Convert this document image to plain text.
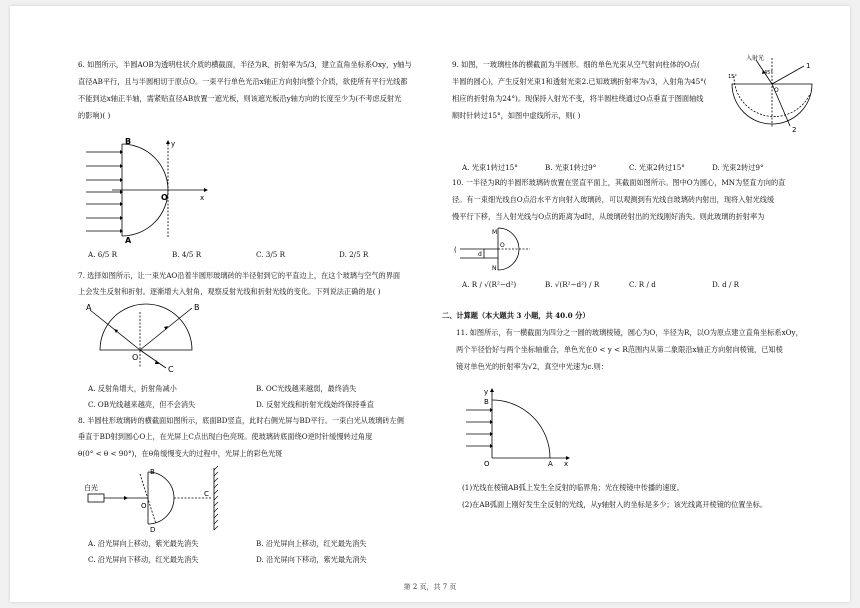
6. 如图所示，半圆AOB为透明柱状介质的横截面，半径为R，折射率为5/3，建立直角坐标系Oxy，y轴与
直径AB平行，且与半圆相切于原点O。一束平行单色光沿x轴正方向射向整个介质，欲使所有平行光线都
不能到达x轴正半轴，需紧贴直径AB放置一遮光板，则该遮光板沿y轴方向的长度至少为(不考虑反射光
的影响)( )
B
A
O
y
x
A. 6/5 R	B. 4/5 R	C. 3/5 R	D. 2/5 R
7. 选择如图所示，让一束光AO沿着半圆形玻璃砖的半径射到它的平直边上，在这个玻璃与空气的界面
上会发生反射和折射。逐渐增大入射角，观察反射光线和折射光线的变化。下列说法正确的是( )
A	B
C
O
A. 反射角增大，折射角减小	B. OC光线越来越弱，最终消失
C. OB光线越来越亮，但不会消失	D. 反射光线和折射光线始终保持垂直
8. 半圆柱形玻璃砖的横截面如图所示，底面BD竖直，此时右侧光屏与BD平行。一束白光从玻璃砖左侧
垂直于BD射到圆心O上，在光屏上C点出现白色亮斑。使玻璃砖底面绕O逆时针缓慢转过角度
θ(0° < θ < 90°)，在θ角缓慢变大的过程中，光屏上的彩色光斑
白光
B
D
O
C
A. 沿光屏向上移动，紫光最先消失	B. 沿光屏向上移动，红光最先消失
C. 沿光屏向下移动，红光最先消失	D. 沿光屏向下移动，紫光最先消失
9. 如图，一玻璃柱体的横截面为半圆形。细的单色光束从空气射向柱体的O点(
半圆的圆心)，产生反射光束1和透射光束2.已知玻璃折射率为√3，入射角为45°(
相应的折射角为24°)。现保持入射光不变，将半圆柱绕通过O点垂直于图面轴线
顺时针转过15°，如图中虚线所示，则( )
入射光
1
2
45°
15°
O
A. 光束1转过15°	B. 光束1转过9°	C. 光束2转过15°	D. 光束2转过9°
10. 一半径为R的半圆形玻璃砖放置在竖直平面上，其截面如图所示。图中O为圆心，MN为竖直方向的直
径。有一束细光线自O点沿水平方向射入玻璃砖，可以观测到有光线自玻璃砖内射出，现将入射光线缓
慢平行下移，当入射光线与O点的距离为d时，从玻璃砖射出的光线刚好消失。则此玻璃的折射率为
(
M
N
O
d
A. R / √(R²−d²)	B. √(R²−d²) / R	C. R / d	D. d / R
二、计算题（本大题共 3 小题，共 40.0 分）
11. 如图所示，有一横截面为四分之一圆的玻璃棱镜，圆心为O，半径为R，以O为原点建立直角坐标系xOy，
两个半径恰好与两个坐标轴重合，单色光在0 < y < R范围内从第二象限沿x轴正方向射向棱镜，已知棱
镜对单色光的折射率为√2，真空中光速为c.则：
y
B
O	A x
(1)光线在棱镜AB弧上发生全反射的临界角；光在棱镜中传播的速度。
(2)在AB弧面上刚好发生全反射的光线，从y轴射入的坐标是多少；该光线离开棱镜的位置坐标。
第 2 页，共 7 页
